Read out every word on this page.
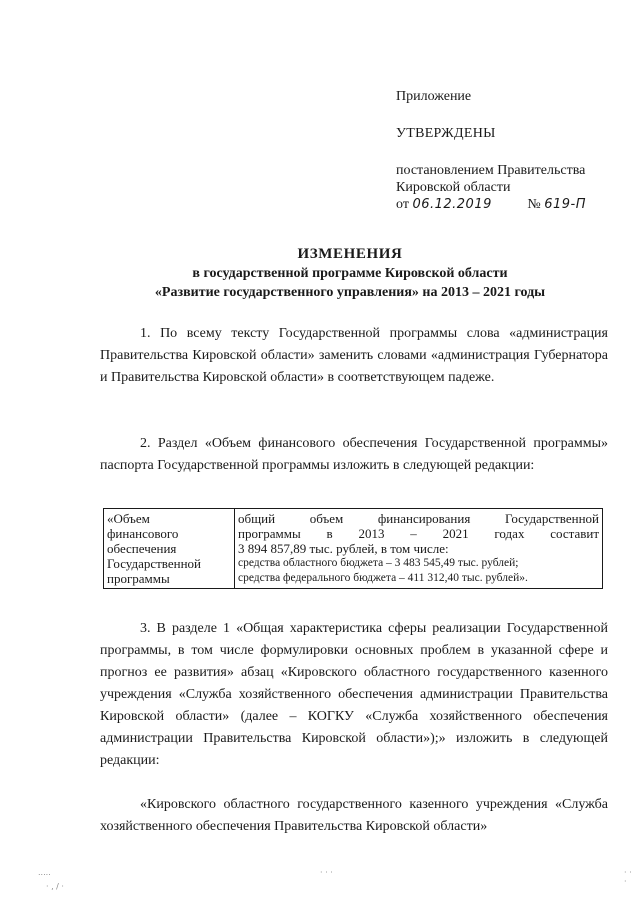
Приложение
УТВЕРЖДЕНЫ
постановлением Правительства
Кировской области
от 06.12.2019	№ 619-П
ИЗМЕНЕНИЯ
в государственной программе Кировской области
«Развитие государственного управления» на 2013 – 2021 годы

1. По всему тексту Государственной программы слова «администрация Правительства Кировской области» заменить словами «администрация Губернатора и Правительства Кировской области» в соответствующем падеже.

2. Раздел «Объем финансового обеспечения Государственной программы» паспорта Государственной программы изложить в следующей редакции:

«Объем
финансового
обеспечения
Государственной
программы

общий объем финансирования Государственной
программы в 2013 – 2021 годах составит
3 894 857,89 тыс. рублей, в том числе:
средства областного бюджета – 3 483 545,49 тыс. рублей;
средства федерального бюджета – 411 312,40 тыс. рублей».

3. В разделе 1 «Общая характеристика сферы реализации Государственной программы, в том числе формулировки основных проблем в указанной сфере и прогноз ее развития» абзац «Кировского областного государственного казенного учреждения «Служба хозяйственного обеспечения администрации Правительства Кировской области» (далее – КОГКУ «Служба хозяйственного обеспечения администрации Правительства Кировской области»);» изложить в следующей редакции:

«Кировского областного государственного казенного учреждения «Служба хозяйственного обеспечения Правительства Кировской области»

.....
· , / ·
· · ·	· · ·
